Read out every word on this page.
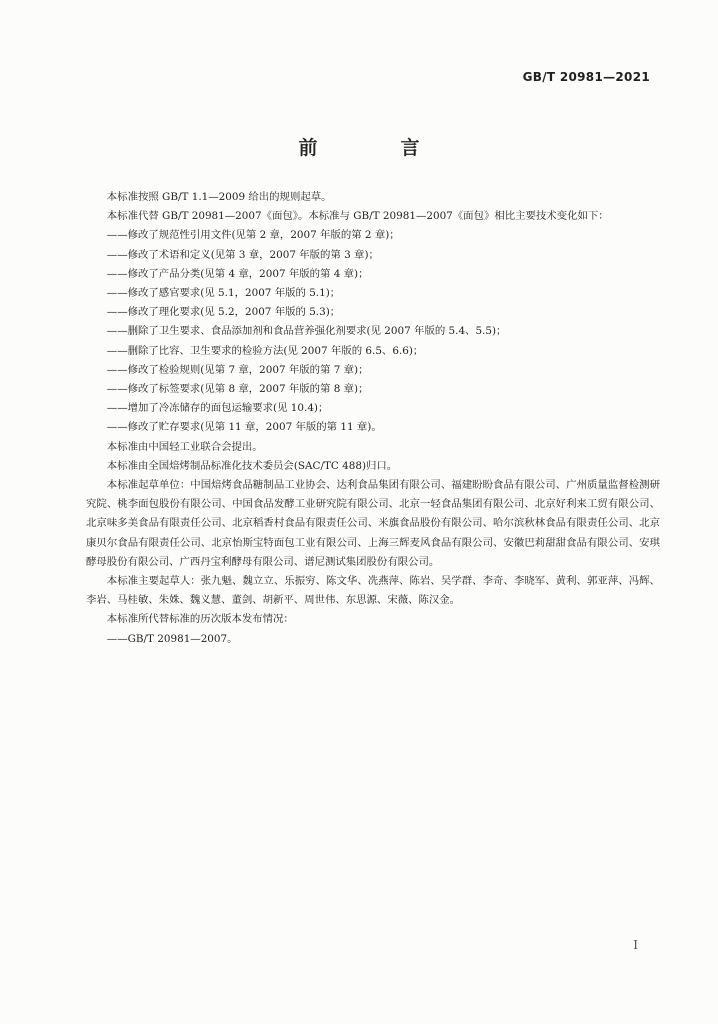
GB/T 20981—2021
前　言

本标准按照 GB/T 1.1—2009 给出的规则起草。

本标准代替 GB/T 20981—2007《面包》。本标准与 GB/T 20981—2007《面包》相比主要技术变化如下：

——修改了规范性引用文件(见第 2 章，2007 年版的第 2 章)；

——修改了术语和定义(见第 3 章，2007 年版的第 3 章)；

——修改了产品分类(见第 4 章，2007 年版的第 4 章)；

——修改了感官要求(见 5.1，2007 年版的 5.1)；

——修改了理化要求(见 5.2，2007 年版的 5.3)；

——删除了卫生要求、食品添加剂和食品营养强化剂要求(见 2007 年版的 5.4、5.5)；

——删除了比容、卫生要求的检验方法(见 2007 年版的 6.5、6.6)；

——修改了检验规则(见第 7 章，2007 年版的第 7 章)；

——修改了标签要求(见第 8 章，2007 年版的第 8 章)；

——增加了冷冻储存的面包运输要求(见 10.4)；

——修改了贮存要求(见第 11 章，2007 年版的第 11 章)。

本标准由中国轻工业联合会提出。

本标准由全国焙烤制品标准化技术委员会(SAC/TC 488)归口。

本标准起草单位：中国焙烤食品糖制品工业协会、达利食品集团有限公司、福建盼盼食品有限公司、广州质量监督检测研究院、桃李面包股份有限公司、中国食品发酵工业研究院有限公司、北京一轻食品集团有限公司、北京好利来工贸有限公司、北京味多美食品有限责任公司、北京稻香村食品有限责任公司、米旗食品股份有限公司、哈尔滨秋林食品有限责任公司、北京康贝尔食品有限责任公司、北京怡斯宝特面包工业有限公司、上海三辉麦风食品有限公司、安徽巴莉甜甜食品有限公司、安琪酵母股份有限公司、广西丹宝利酵母有限公司、谱尼测试集团股份有限公司。

本标准主要起草人：张九魁、魏立立、乐振穷、陈文华、冼燕萍、陈岩、吴学群、李奇、李晓军、黄利、郭亚萍、冯辉、李岩、马桂敏、朱姝、魏义慧、董剑、胡新平、周世伟、东思源、宋薇、陈汉金。

本标准所代替标准的历次版本发布情况：

——GB/T 20981—2007。

I
